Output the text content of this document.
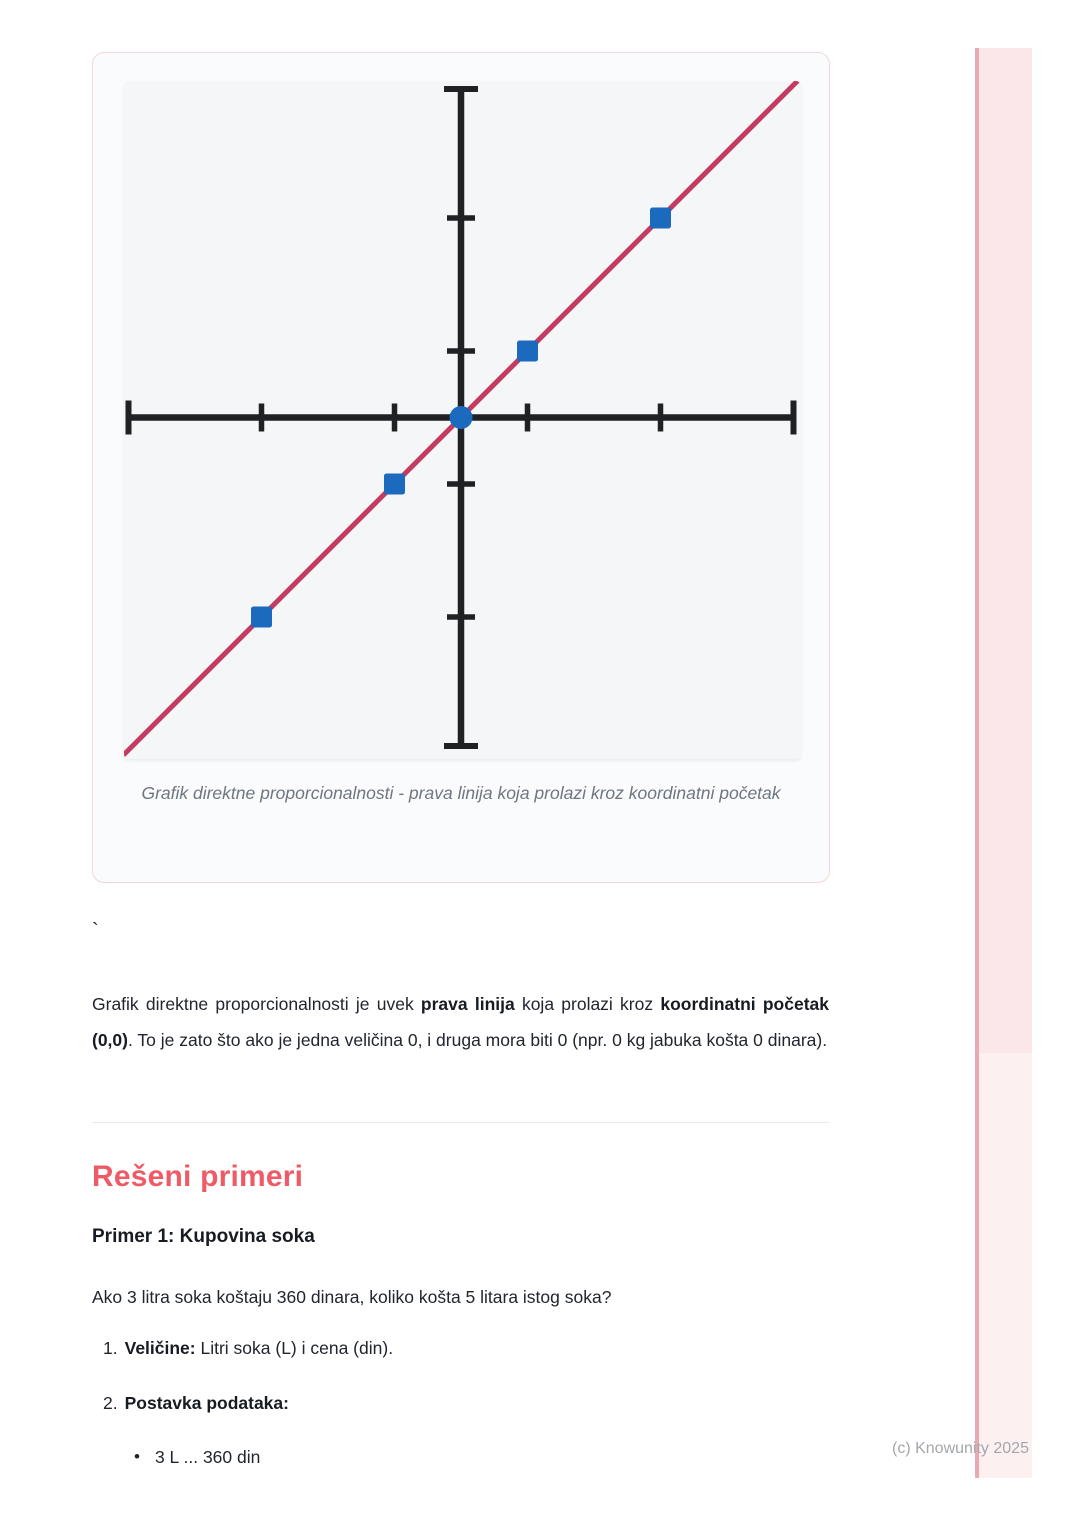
Grafik direktne proporcionalnosti - prava linija koja prolazi kroz koordinatni početak
`

Grafik direktne proporcionalnosti je uvek prava linija koja prolazi kroz koordinatni početak (0,0). To je zato što ako je jedna veličina 0, i druga mora biti 0 (npr. 0 kg jabuka košta 0 dinara).

Rešeni primeri
Primer 1: Kupovina soka

Ako 3 litra soka koštaju 360 dinara, koliko košta 5 litara istog soka?

1. Veličine: Litri soka (L) i cena (din).
2. Postavka podataka:
• 3 L ... 360 din	(c) Knowunity 2025
